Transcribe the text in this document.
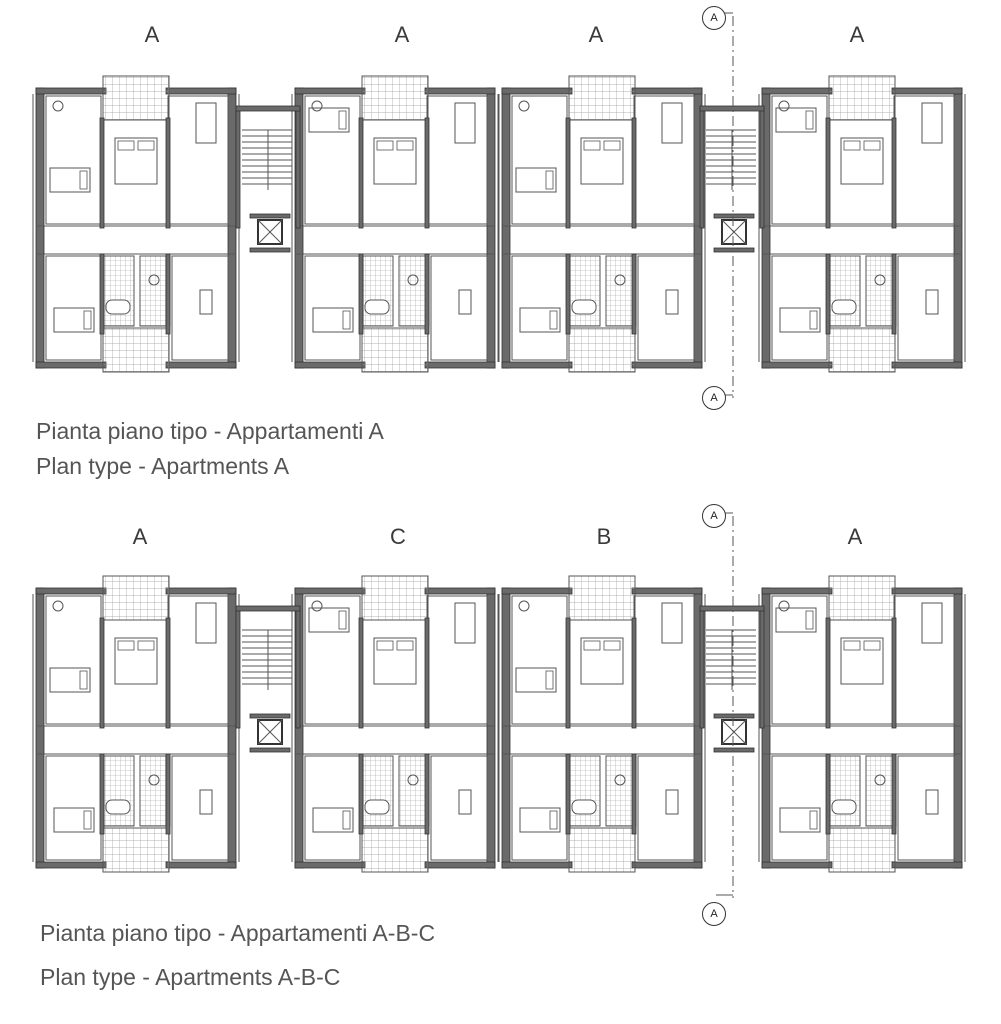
A	A	A	A
A	C	B	A
A
A
A
A
Pianta piano tipo - Appartamenti A
Plan type - Apartments A
Pianta piano tipo - Appartamenti A-B-C
Plan type - Apartments A-B-C
